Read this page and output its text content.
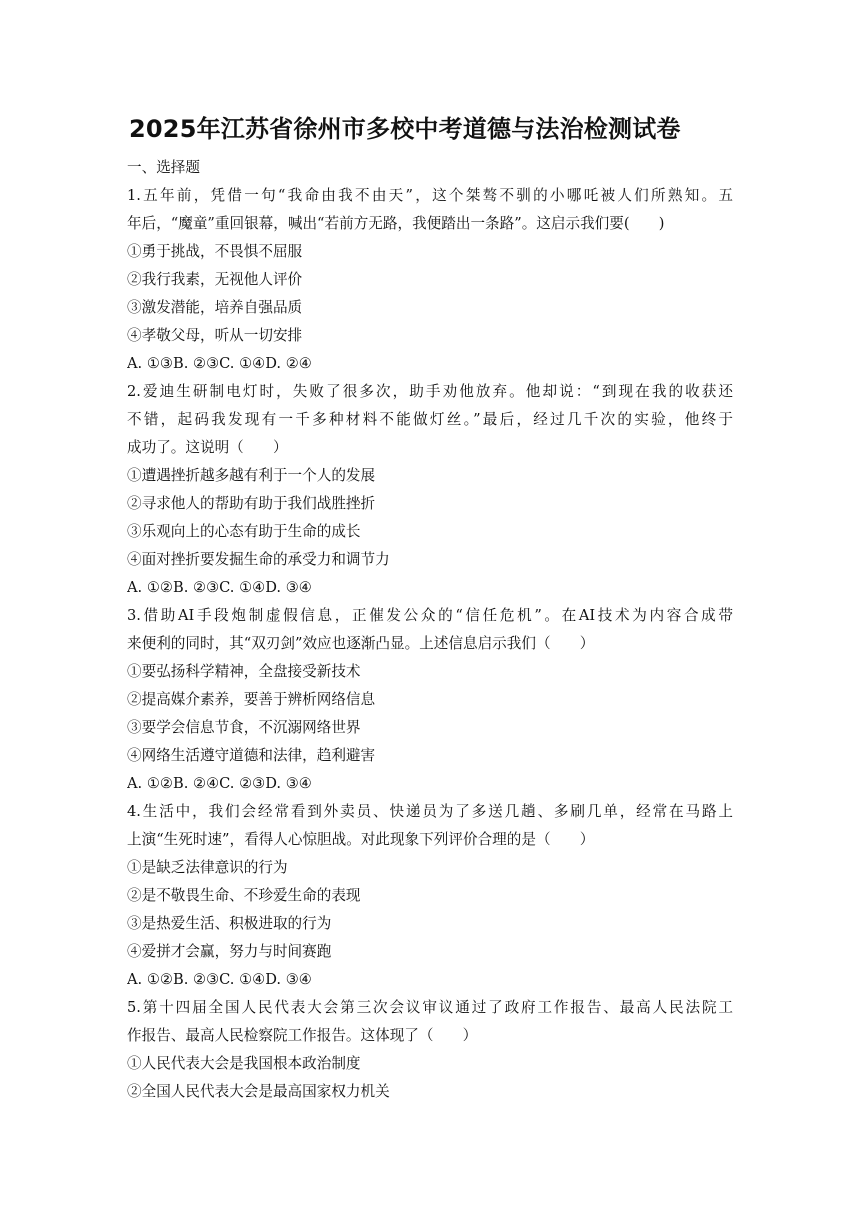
2025年江苏省徐州市多校中考道德与法治检测试卷
一、选择题
1.五年前，凭借一句“我命由我不由天”，这个桀骜不驯的小哪吒被人们所熟知。五
年后，“魔童”重回银幕，喊出“若前方无路，我便踏出一条路”。这启示我们要(　　)
①勇于挑战，不畏惧不屈服
②我行我素，无视他人评价
③激发潜能，培养自强品质
④孝敬父母，听从一切安排
A. ①③B. ②③C. ①④D. ②④
2.爱迪生研制电灯时，失败了很多次，助手劝他放弃。他却说：“到现在我的收获还
不错，起码我发现有一千多种材料不能做灯丝。”最后，经过几千次的实验，他终于
成功了。这说明（　　）
①遭遇挫折越多越有利于一个人的发展
②寻求他人的帮助有助于我们战胜挫折
③乐观向上的心态有助于生命的成长
④面对挫折要发掘生命的承受力和调节力
A. ①②B. ②③C. ①④D. ③④
3.借助AI手段炮制虚假信息，正催发公众的“信任危机”。在AI技术为内容合成带
来便利的同时，其“双刃剑”效应也逐渐凸显。上述信息启示我们（　　）
①要弘扬科学精神，全盘接受新技术
②提高媒介素养，要善于辨析网络信息
③要学会信息节食，不沉溺网络世界
④网络生活遵守道德和法律，趋利避害
A. ①②B. ②④C. ②③D. ③④
4.生活中，我们会经常看到外卖员、快递员为了多送几趟、多刷几单，经常在马路上
上演“生死时速”，看得人心惊胆战。对此现象下列评价合理的是（　　）
①是缺乏法律意识的行为
②是不敬畏生命、不珍爱生命的表现
③是热爱生活、积极进取的行为
④爱拼才会赢，努力与时间赛跑
A. ①②B. ②③C. ①④D. ③④
5.第十四届全国人民代表大会第三次会议审议通过了政府工作报告、最高人民法院工
作报告、最高人民检察院工作报告。这体现了（　　）
①人民代表大会是我国根本政治制度
②全国人民代表大会是最高国家权力机关
